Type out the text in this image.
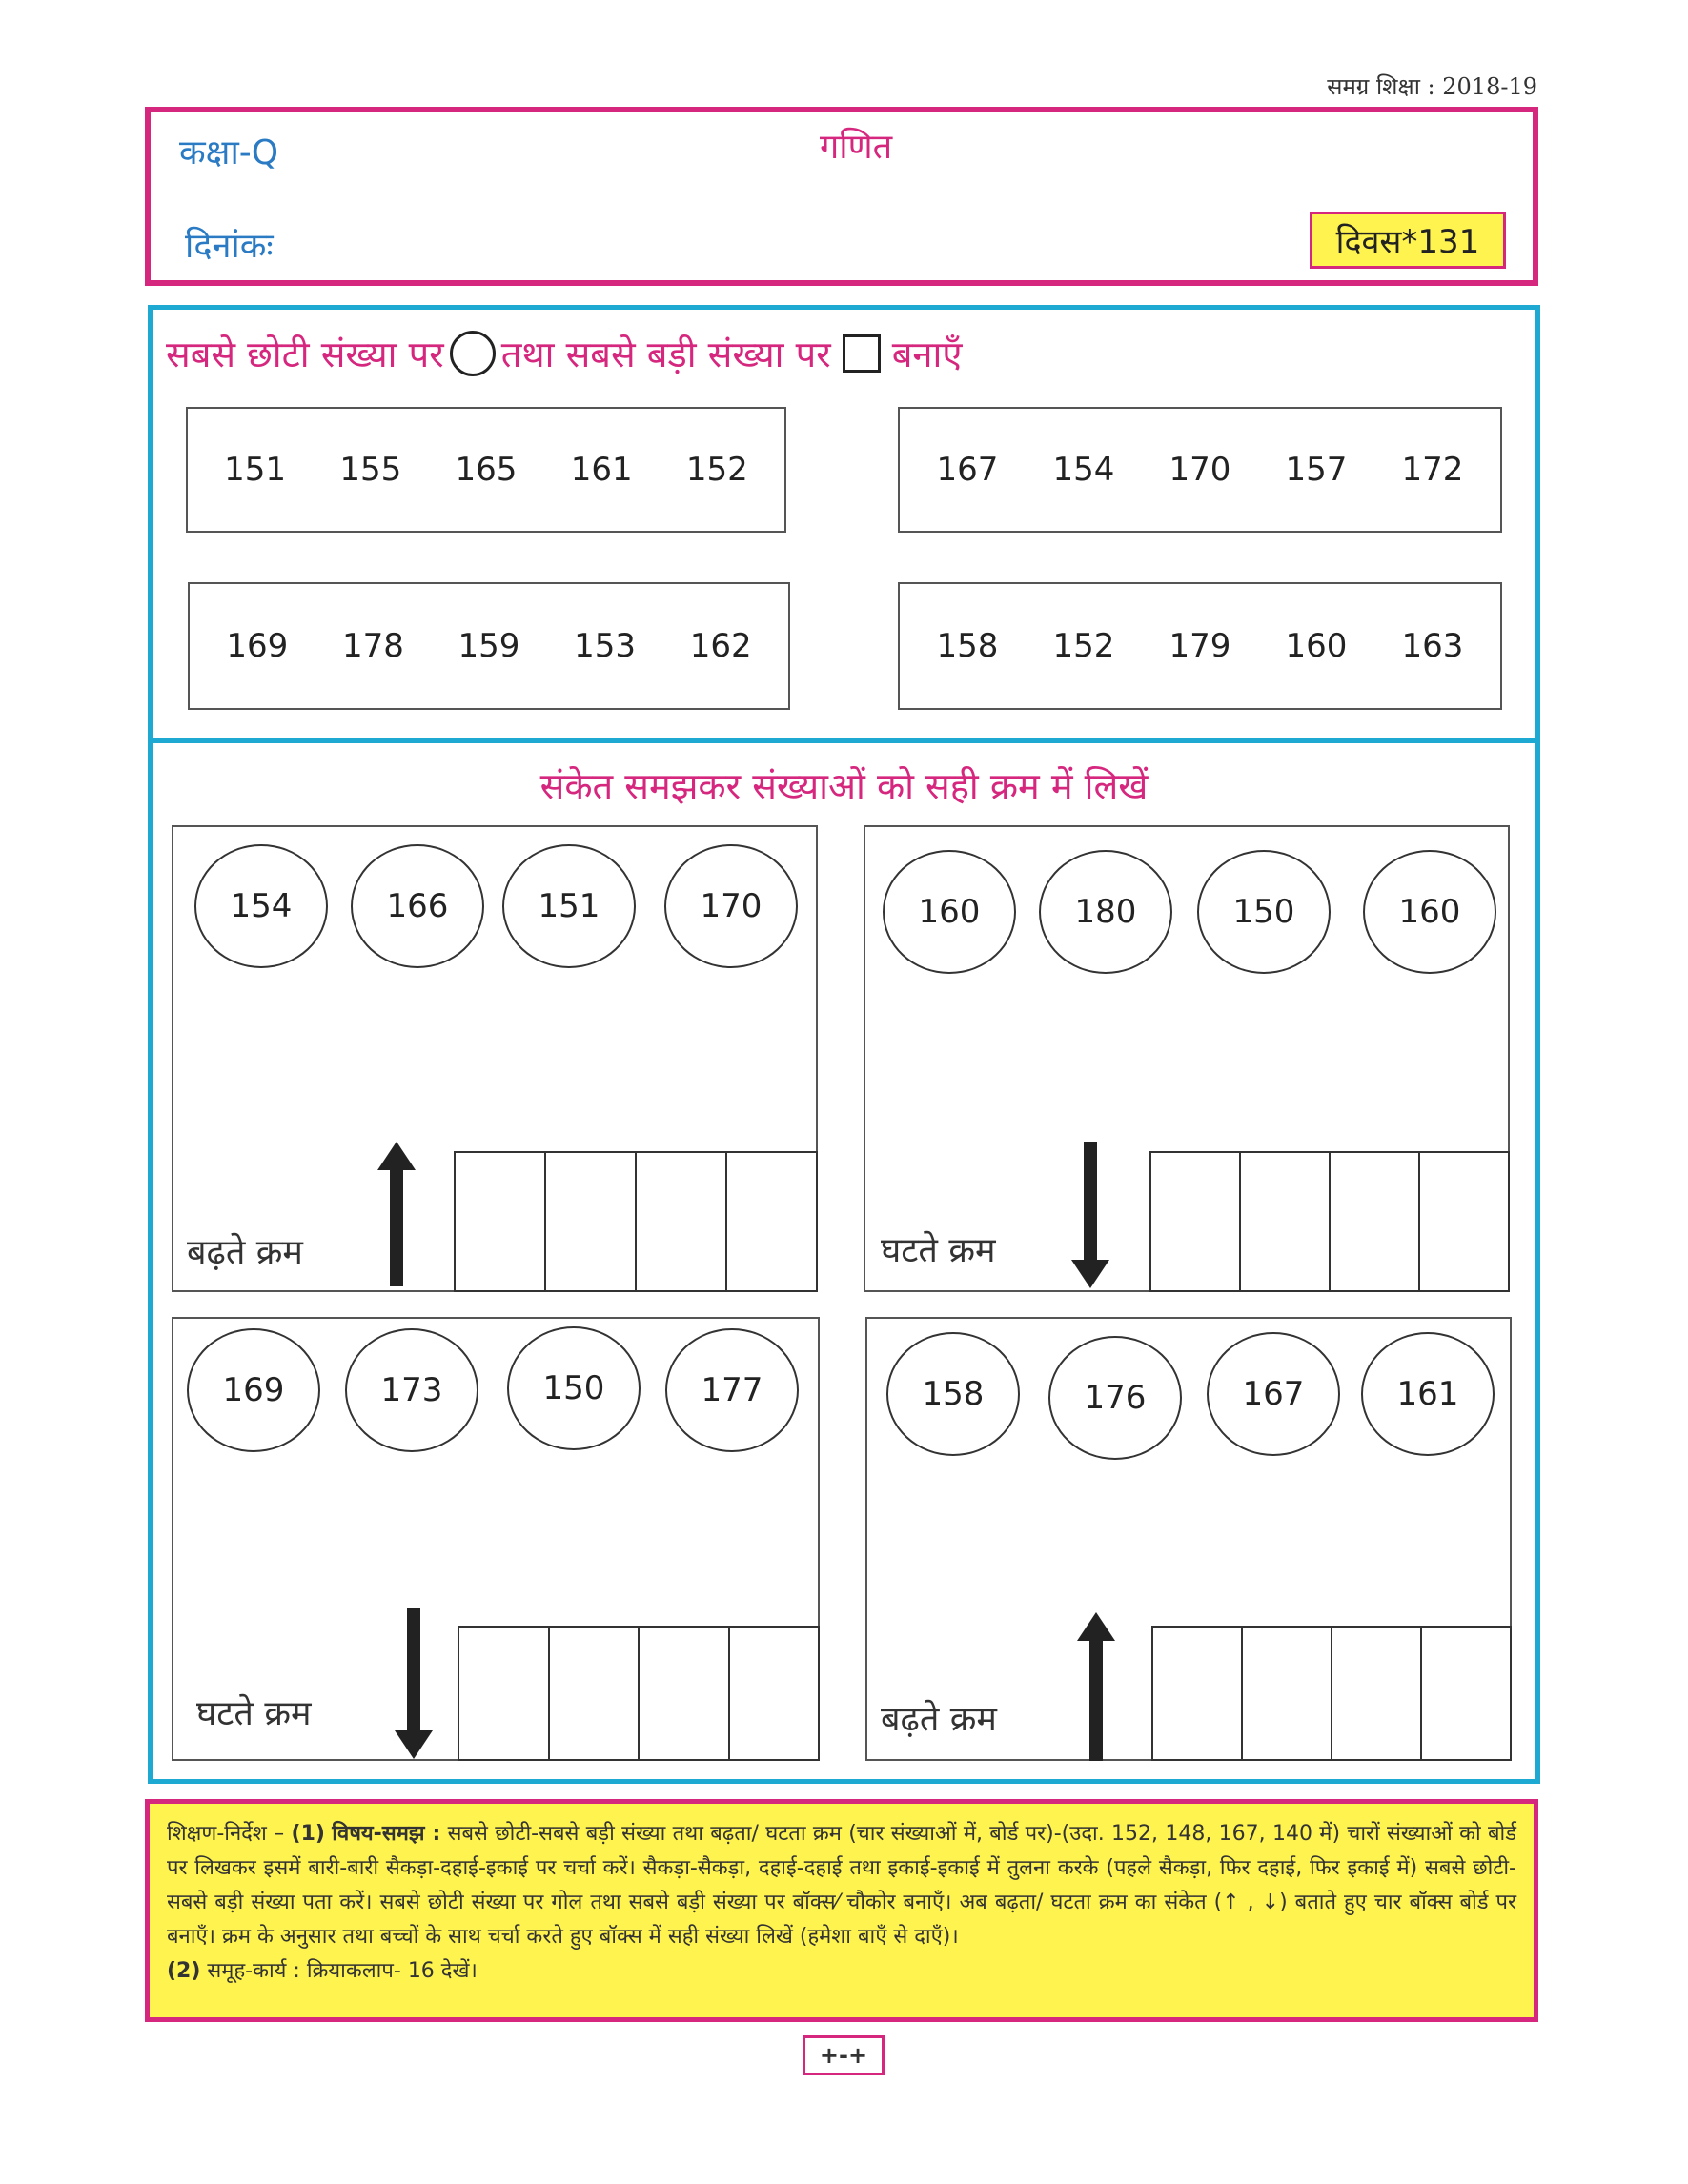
समग्र शिक्षा : 2018-19
कक्षा-Q	गणित
दिनांकः	दिवस*131
सबसे छोटी संख्या पर तथा सबसे बड़ी संख्या पर बनाएँ
151 155 165 161 152	167 154 170 157 172
169 178 159 153 162	158 152 179 160 163
संकेत समझकर संख्याओं को सही क्रम में लिखें
154	166	151	170
बढ़ते क्रम
160	180	150	160
घटते क्रम
169	173	150	177
घटते क्रम
158	176	167	161
बढ़ते क्रम
शिक्षण-निर्देश – (1) विषय-समझ : सबसे छोटी-सबसे बड़ी संख्या तथा बढ़ता/ घटता क्रम (चार संख्याओं में, बोर्ड पर)-(उदा. 152, 148, 167, 140 में) चारों संख्याओं को बोर्ड पर लिखकर इसमें बारी-बारी सैकड़ा-दहाई-इकाई पर चर्चा करें। सैकड़ा-सैकड़ा, दहाई-दहाई तथा इकाई-इकाई में तुलना करके (पहले सैकड़ा, फिर दहाई, फिर इकाई में) सबसे छोटी-सबसे बड़ी संख्या पता करें। सबसे छोटी संख्या पर गोल तथा सबसे बड़ी संख्या पर बॉक्स⁄ चौकोर बनाएँ। अब बढ़ता/ घटता क्रम का संकेत (↑ , ↓) बताते हुए चार बॉक्स बोर्ड पर बनाएँ। क्रम के अनुसार तथा बच्चों के साथ चर्चा करते हुए बॉक्स में सही संख्या लिखें (हमेशा बाएँ से दाएँ)।
(2) समूह-कार्य : क्रियाकलाप- 16 देखें।
+-+
